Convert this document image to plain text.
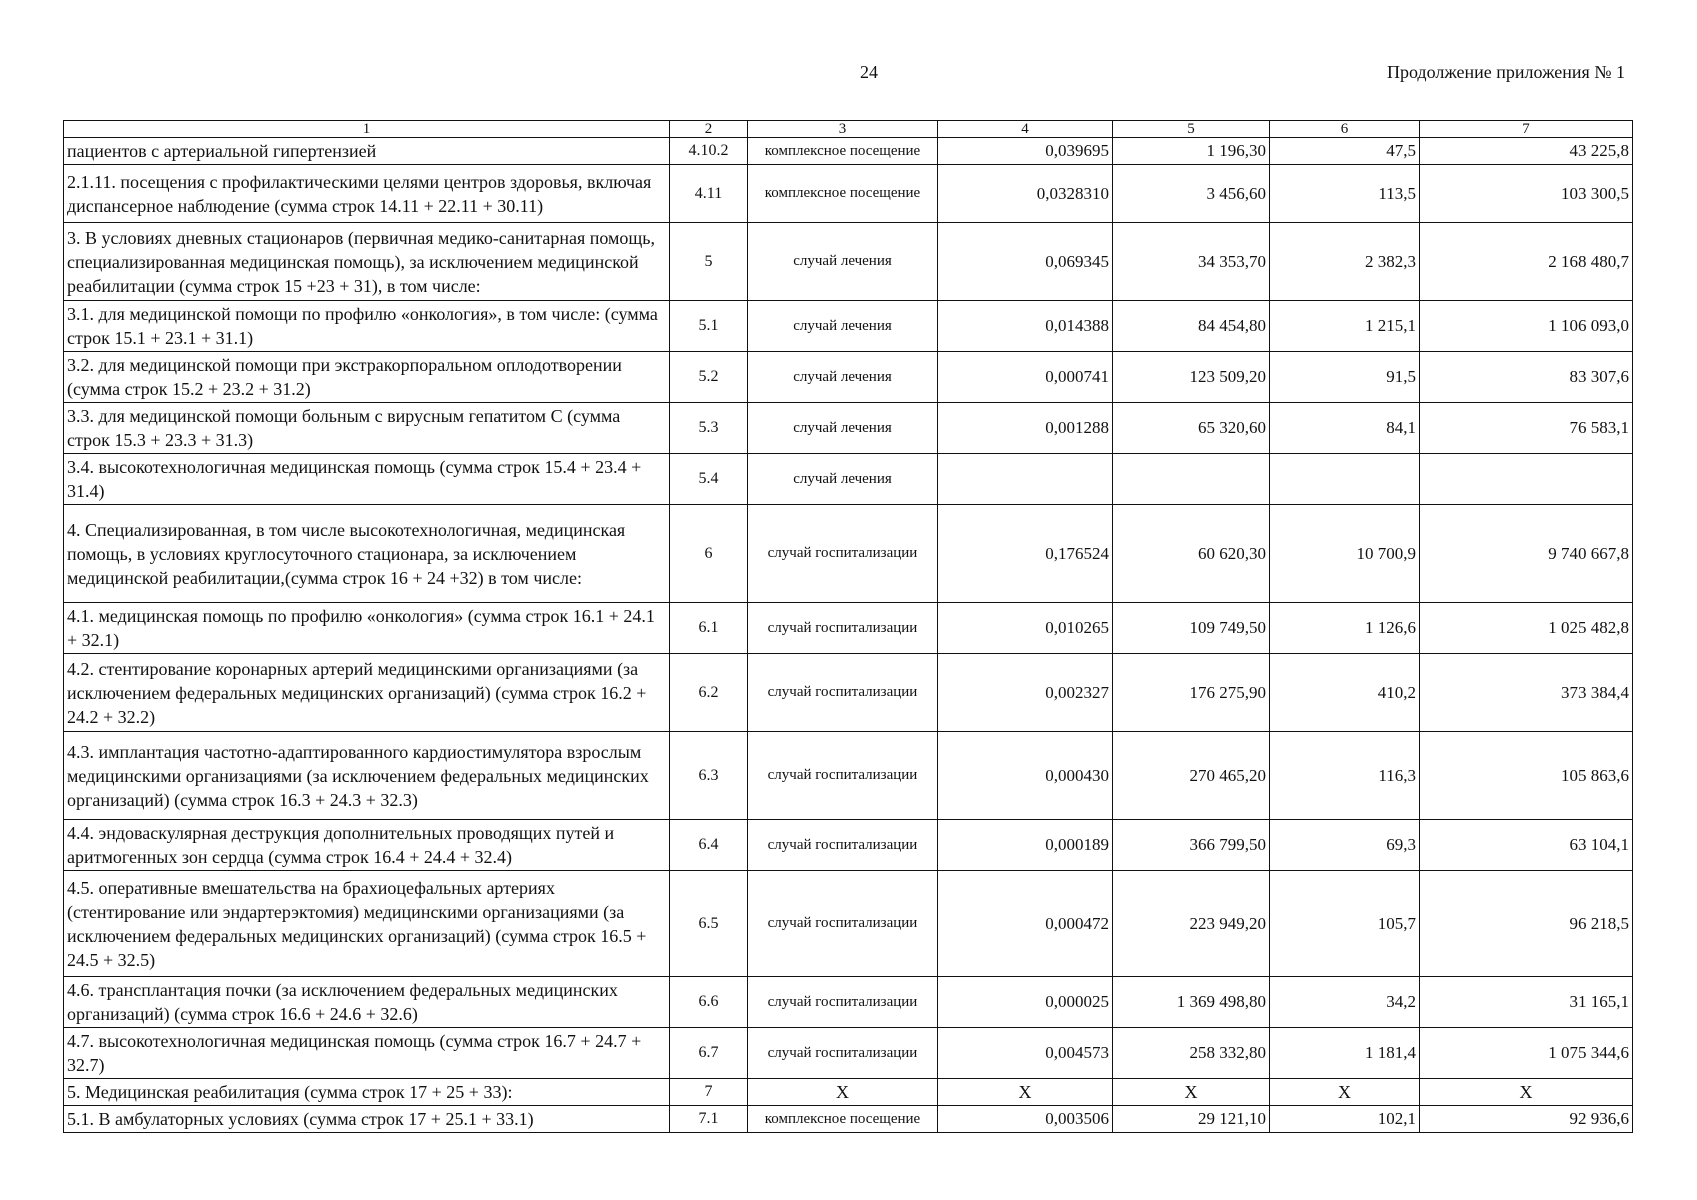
24	Продолжение приложения № 1
1	2	3	4	5	6	7
пациентов с артериальной гипертензией	4.10.2	комплексное посещение	0,039695	1 196,30	47,5	43 225,8
2.1.11. посещения с профилактическими целями центров здоровья, включая диспансерное наблюдение (сумма строк 14.11 + 22.11 + 30.11)	4.11	комплексное посещение	0,0328310	3 456,60	113,5	103 300,5
3. В условиях дневных стационаров (первичная медико-санитарная помощь, специализированная медицинская помощь), за исключением медицинской реабилитации (сумма строк 15 +23 + 31), в том числе:	5	случай лечения	0,069345	34 353,70	2 382,3	2 168 480,7
3.1. для медицинской помощи по профилю «онкология», в том числе: (сумма строк 15.1 + 23.1 + 31.1)	5.1	случай лечения	0,014388	84 454,80	1 215,1	1 106 093,0
3.2. для медицинской помощи при экстракорпоральном оплодотворении (сумма строк 15.2 + 23.2 + 31.2)	5.2	случай лечения	0,000741	123 509,20	91,5	83 307,6
3.3. для медицинской помощи больным с вирусным гепатитом С (сумма строк 15.3 + 23.3 + 31.3)	5.3	случай лечения	0,001288	65 320,60	84,1	76 583,1
3.4. высокотехнологичная медицинская помощь (сумма строк 15.4 + 23.4 + 31.4)	5.4	случай лечения				
4. Специализированная, в том числе высокотехнологичная, медицинская помощь, в условиях круглосуточного стационара, за исключением медицинской реабилитации,(сумма строк 16 + 24 +32) в том числе:	6	случай госпитализации	0,176524	60 620,30	10 700,9	9 740 667,8
4.1. медицинская помощь по профилю «онкология» (сумма строк 16.1 + 24.1 + 32.1)	6.1	случай госпитализации	0,010265	109 749,50	1 126,6	1 025 482,8
4.2. стентирование коронарных артерий медицинскими организациями (за исключением федеральных медицинских организаций) (сумма строк 16.2 + 24.2 + 32.2)	6.2	случай госпитализации	0,002327	176 275,90	410,2	373 384,4
4.3. имплантация частотно-адаптированного кардиостимулятора взрослым медицинскими организациями (за исключением федеральных медицинских организаций) (сумма строк 16.3 + 24.3 + 32.3)	6.3	случай госпитализации	0,000430	270 465,20	116,3	105 863,6
4.4. эндоваскулярная деструкция дополнительных проводящих путей и аритмогенных зон сердца (сумма строк 16.4 + 24.4 + 32.4)	6.4	случай госпитализации	0,000189	366 799,50	69,3	63 104,1
4.5. оперативные вмешательства на брахиоцефальных артериях (стентирование или эндартерэктомия) медицинскими организациями (за исключением федеральных медицинских организаций) (сумма строк 16.5 + 24.5 + 32.5)	6.5	случай госпитализации	0,000472	223 949,20	105,7	96 218,5
4.6. трансплантация почки (за исключением федеральных медицинских организаций) (сумма строк 16.6 + 24.6 + 32.6)	6.6	случай госпитализации	0,000025	1 369 498,80	34,2	31 165,1
4.7. высокотехнологичная медицинская помощь (сумма строк 16.7 + 24.7 + 32.7)	6.7	случай госпитализации	0,004573	258 332,80	1 181,4	1 075 344,6
5. Медицинская реабилитация (сумма строк 17 + 25 + 33):	7	X	X	X	X	X
5.1. В амбулаторных условиях (сумма строк 17 + 25.1 + 33.1)	7.1	комплексное посещение	0,003506	29 121,10	102,1	92 936,6
